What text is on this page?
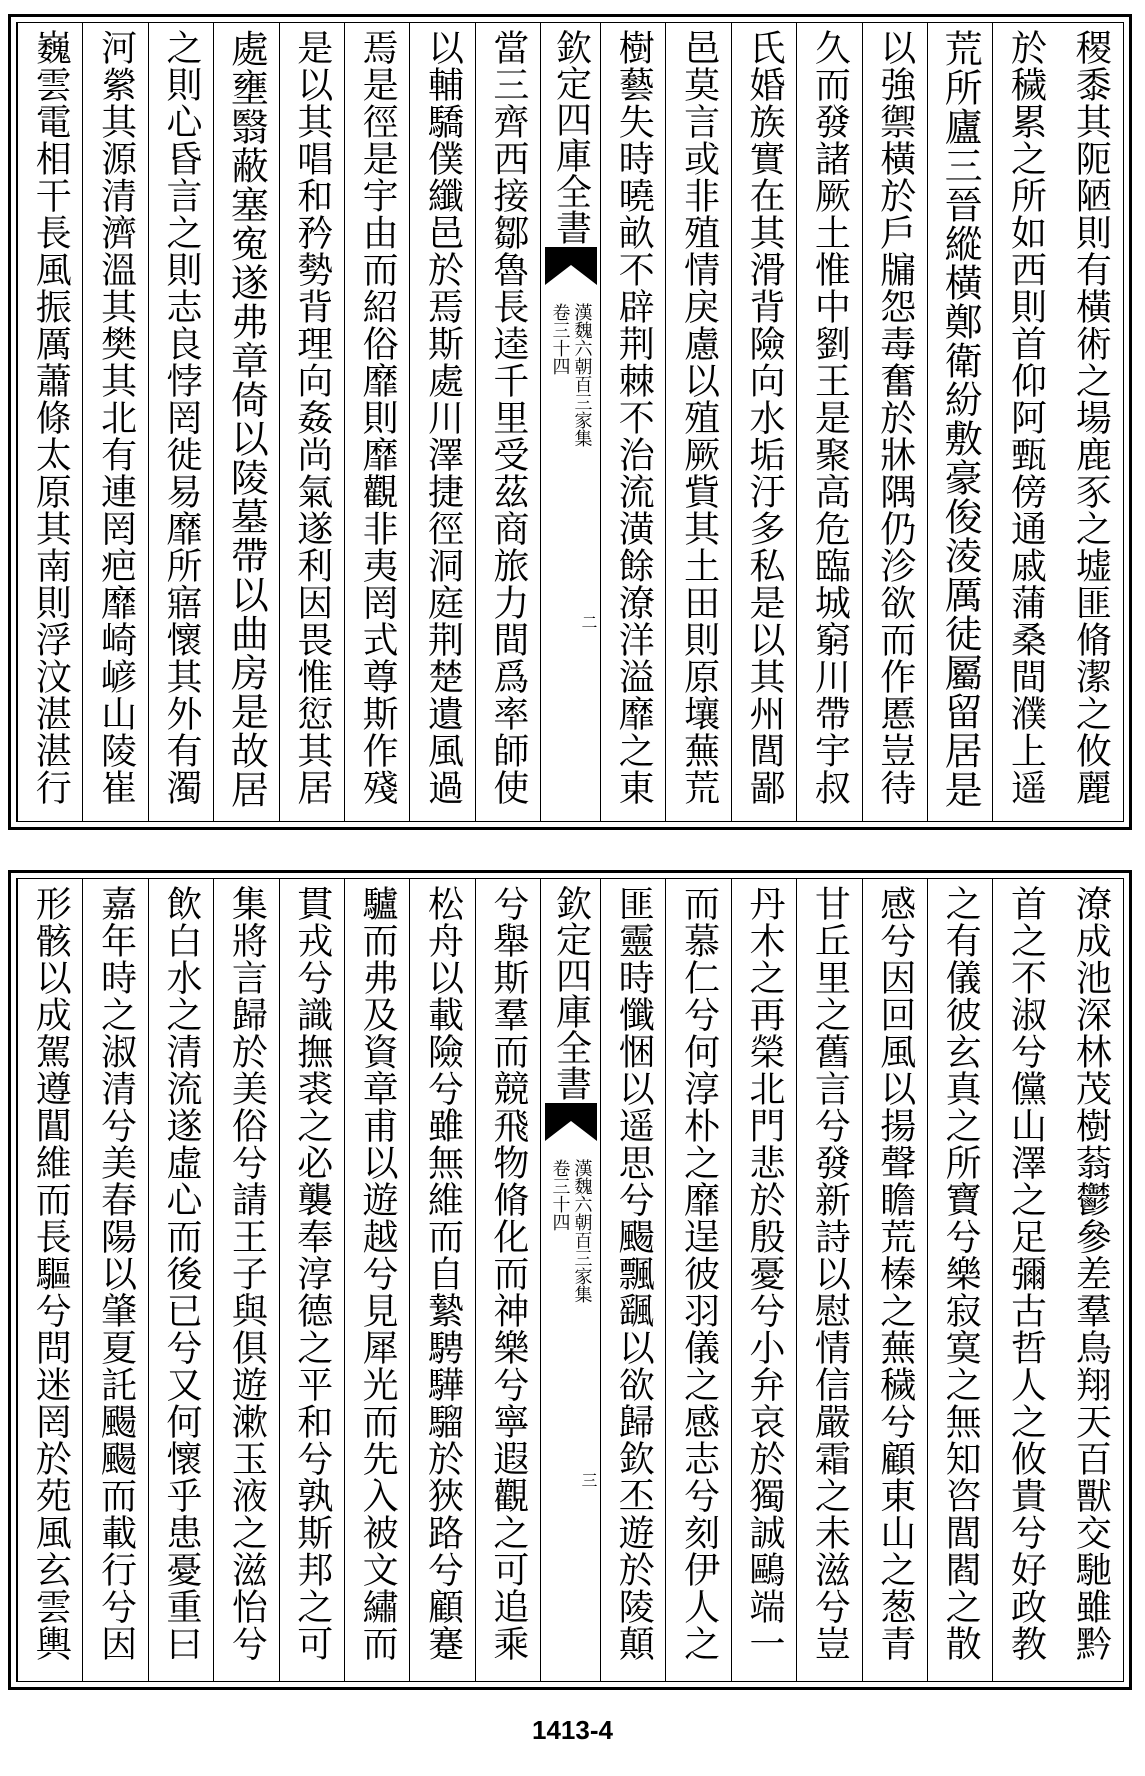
稷黍其阨陋則有橫術之場鹿豕之墟匪脩潔之攸麗
於穢累之所如西則首仰阿甄傍通戚蒲桑間濮上遥
荒所廬三晉縱橫鄭衛紛敷豪俊淩厲徒屬留居是
以強禦橫於戶牖怨毒奮於牀隅仍沴欲而作慝豈待
久而發諸厥土惟中劉王是聚高危臨城窮川帶宇叔
氏婚族實在其滑背險向水垢汙多私是以其州閭鄙
邑莫言或非殖情戾慮以殖厥貲其土田則原壤蕪荒
樹藝失時曉畝不辟荆棘不治流潢餘潦洋溢靡之東
欽定四庫全書
漢魏六朝百三家集
卷三十四
二
當三齊西接鄒魯長逵千里受茲商旅力間爲率師使
以輔驕僕纖邑於焉斯處川澤捷徑洞庭荆楚遺風過
焉是徑是宇由而紹俗靡則靡觀非夷罔式尊斯作殘
是以其唱和矜勢背理向姦尚氣遂利因畏惟愆其居
處壅翳蔽塞寃遂弗章倚以陵墓帶以曲房是故居
之則心昏言之則志良悖罔徙易靡所寤懷其外有濁
河縈其源清濟溫其樊其北有連罔疤靡崎嵃山陵崔
巍雲電相干長風振厲蕭條太原其南則浮汶湛湛行
潦成池深林茂樹蓊鬱參差羣鳥翔天百獸交馳雖黔
首之不淑兮儻山澤之足彌古哲人之攸貴兮好政教
之有儀彼玄真之所寶兮樂寂寞之無知咨閭閻之散
感兮因回風以揚聲瞻荒榛之蕪穢兮顧東山之葱青
甘丘里之舊言兮發新詩以慰情信嚴霜之未滋兮豈
丹木之再榮北門悲於殷憂兮小弁哀於獨誠鷗端一
而慕仁兮何淳朴之靡逞彼羽儀之感志兮刻伊人之
匪靈時懺悃以遥思兮颺飄颻以欲歸欽丕遊於陵顛
欽定四庫全書
漢魏六朝百三家集
卷三十四
三
兮舉斯羣而競飛物脩化而神樂兮寧遐觀之可追乘
松舟以載險兮雖無維而自縶騁驊騮於狹路兮顧蹇
驢而弗及資章甫以遊越兮見犀光而先入被文繡而
貫戎兮識撫裘之必襲奉淳德之平和兮孰斯邦之可
集將言歸於美俗兮請王子與俱遊漱玉液之滋怡兮
飲白水之清流遂虛心而後已兮又何懷乎患憂重曰
嘉年時之淑清兮美春陽以肇夏託颺颺而載行兮因
形骸以成駕遵閶維而長驅兮問迷罔於苑風玄雲輿
1413-4
